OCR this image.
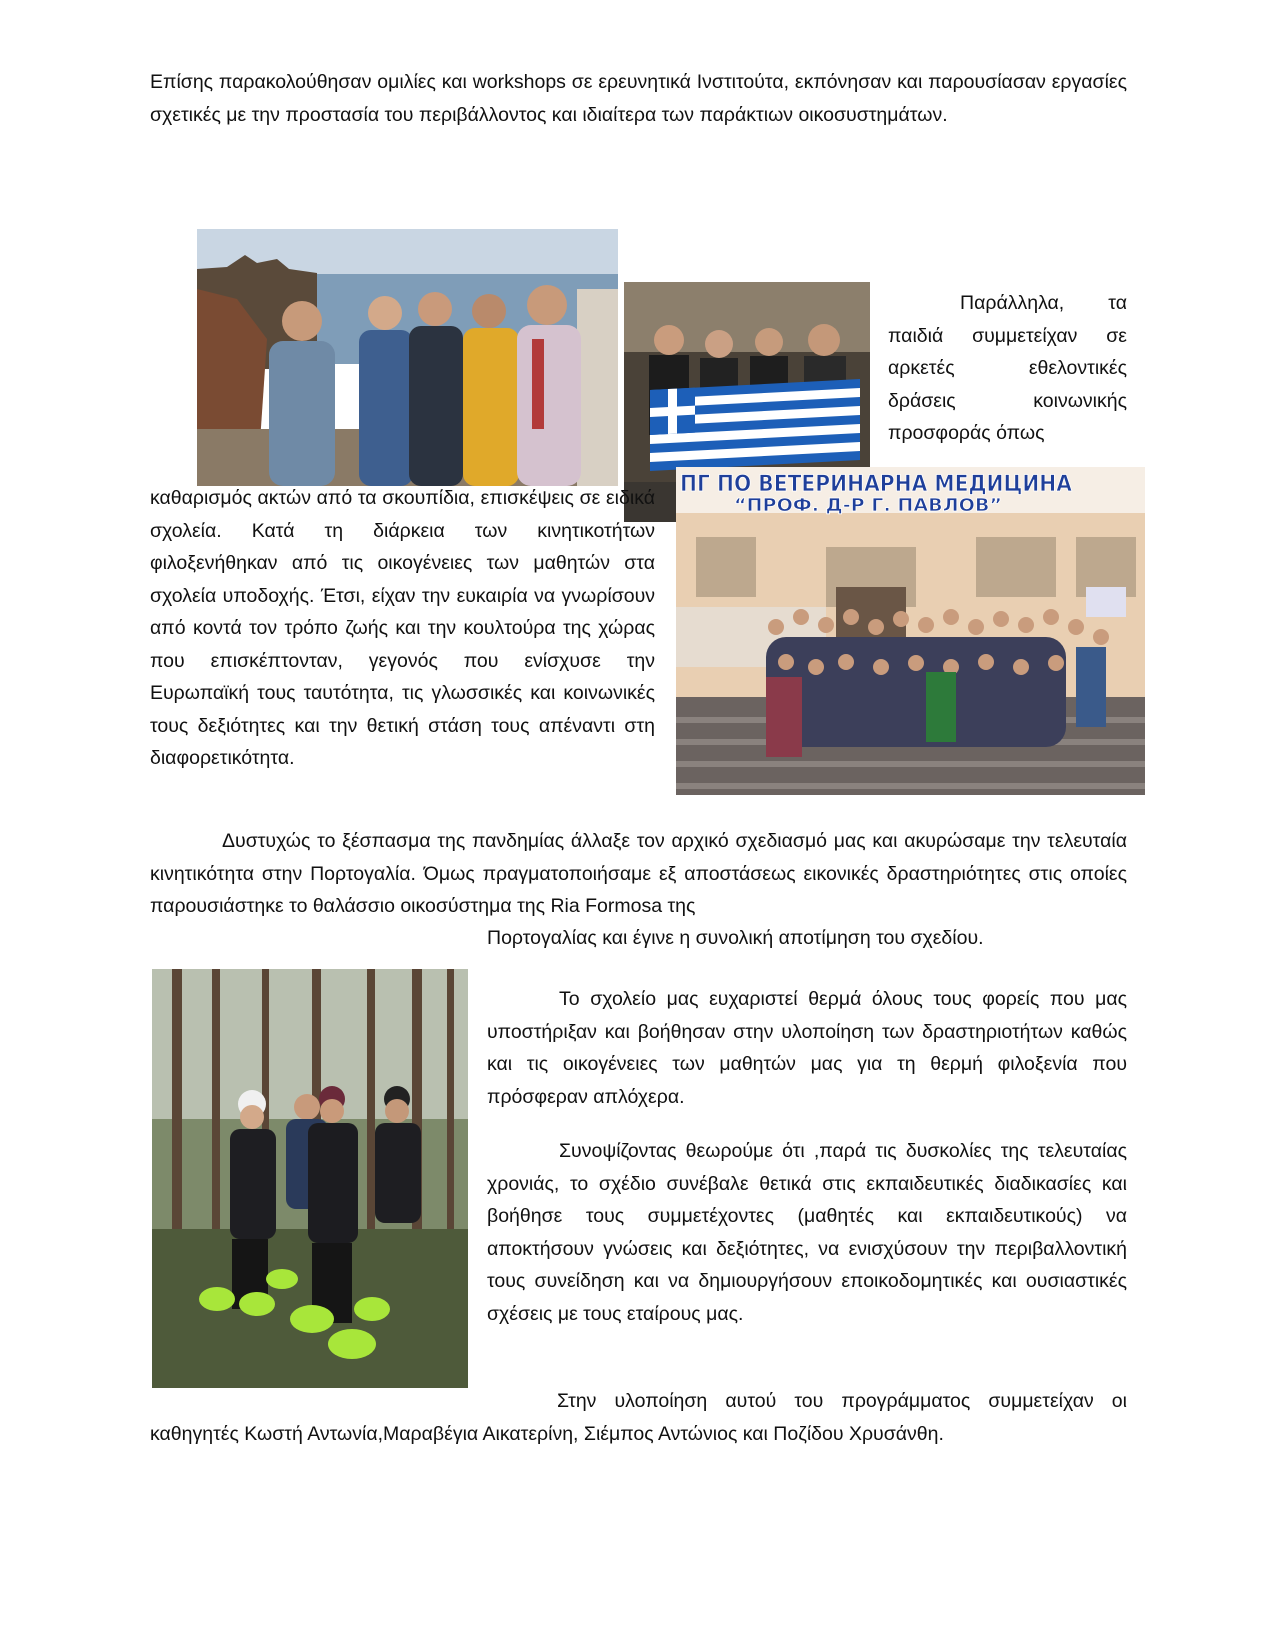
Επίσης παρακολούθησαν ομιλίες και workshops σε ερευνητικά Ινστιτούτα, εκπόνησαν και παρουσίασαν εργασίες σχετικές με την προστασία του περιβάλλοντος και ιδιαίτερα των παράκτιων οικοσυστημάτων.

Παράλληλα, τα παιδιά συμμετείχαν σε αρκετές εθελοντικές δράσεις κοινωνικής προσφοράς όπως

ПГ ПО ВЕТЕРИНАРНА МЕДИЦИНА
“ПРОФ. Д-Р Г. ПАВЛОВ”

καθαρισμός ακτών από τα σκουπίδια, επισκέψεις σε ειδικά σχολεία. Κατά τη διάρκεια των κινητικοτήτων φιλοξενήθηκαν από τις οικογένειες των μαθητών στα σχολεία υποδοχής. Έτσι, είχαν την ευκαιρία να γνωρίσουν από κοντά τον τρόπο ζωής και την κουλτούρα της χώρας που επισκέπτονταν, γεγονός που ενίσχυσε την Ευρωπαϊκή τους ταυτότητα, τις γλωσσικές και κοινωνικές τους δεξιότητες και την θετική στάση τους απέναντι στη διαφορετικότητα.

Δυστυχώς το ξέσπασμα της πανδημίας άλλαξε τον αρχικό σχεδιασμό μας και ακυρώσαμε την τελευταία κινητικότητα στην Πορτογαλία. Όμως πραγματοποιήσαμε εξ αποστάσεως εικονικές δραστηριότητες στις οποίες παρουσιάστηκε το θαλάσσιο οικοσύστημα της Ria Formosa της

Πορτογαλίας και έγινε η συνολική αποτίμηση του σχεδίου.

Το σχολείο μας ευχαριστεί θερμά όλους τους φορείς που μας υποστήριξαν και βοήθησαν στην υλοποίηση των δραστηριοτήτων καθώς και τις οικογένειες των μαθητών μας για τη θερμή φιλοξενία που πρόσφεραν απλόχερα.

Συνοψίζοντας θεωρούμε ότι ,παρά τις δυσκολίες της τελευταίας χρονιάς, το σχέδιο συνέβαλε θετικά στις εκπαιδευτικές διαδικασίες και βοήθησε τους συμμετέχοντες (μαθητές και εκπαιδευτικούς) να αποκτήσουν γνώσεις και δεξιότητες, να ενισχύσουν την περιβαλλοντική τους συνείδηση και να δημιουργήσουν εποικοδομητικές και ουσιαστικές σχέσεις με τους εταίρους μας.

Στην υλοποίηση αυτού του προγράμματος συμμετείχαν οι καθηγητές Κωστή Αντωνία,Μαραβέγια Αικατερίνη, Σιέμπος Αντώνιος και Ποζίδου Χρυσάνθη.
